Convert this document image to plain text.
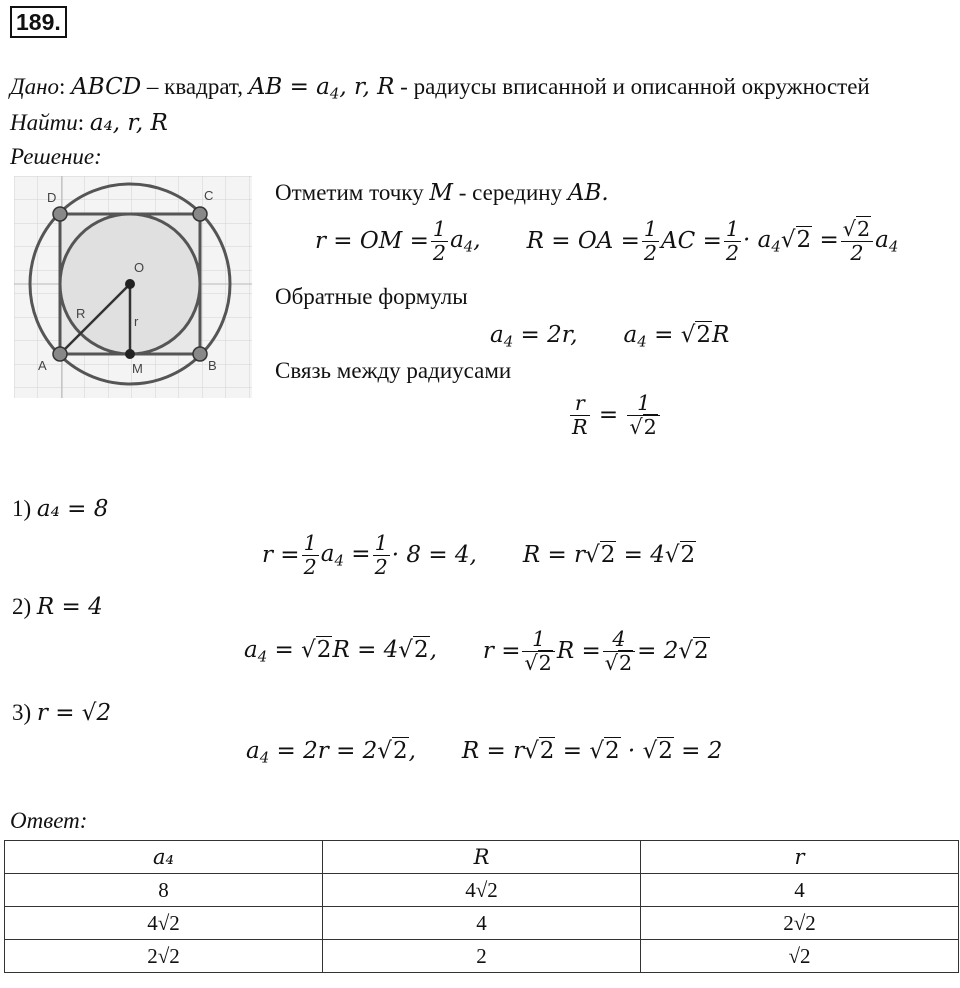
189.
Дано: ABCD – квадрат, AB = $a_4$, r, R - радиусы вписанной и описанной окружностей
Найти: a₄, r, R
Решение:
D	C
O
R
r
A	M	B
Отметим точку M - середину AB.
r = OM = $\frac{1}{2} a_4$, R = OA = $\frac{1}{2}$ AC = $\frac{1}{2} \cdot a_4√2 = \frac{√2}{2} a_4$
Обратные формулы
$a_4 = 2r$, $a_4 = √2R$
Связь между радиусами
$\frac{r}{R} = \frac{1}{√2}$
1) a₄ = 8
$r = \frac{1}{2} a_4 = \frac{1}{2} \cdot 8 = 4$, R = r√2 = 4√2
2) R = 4
$a_4 = √2R = 4√2$, $r = \frac{1}{√2}$ $R = \frac{4}{√2} = 2√2$
3) r = √2
$a_4 = 2r = 2√2$, R = r√2 = √2 · √2 = 2
Ответ:
a₄	R	r
8	4√2	4
4√2	4	2√2
2√2	2	√2
